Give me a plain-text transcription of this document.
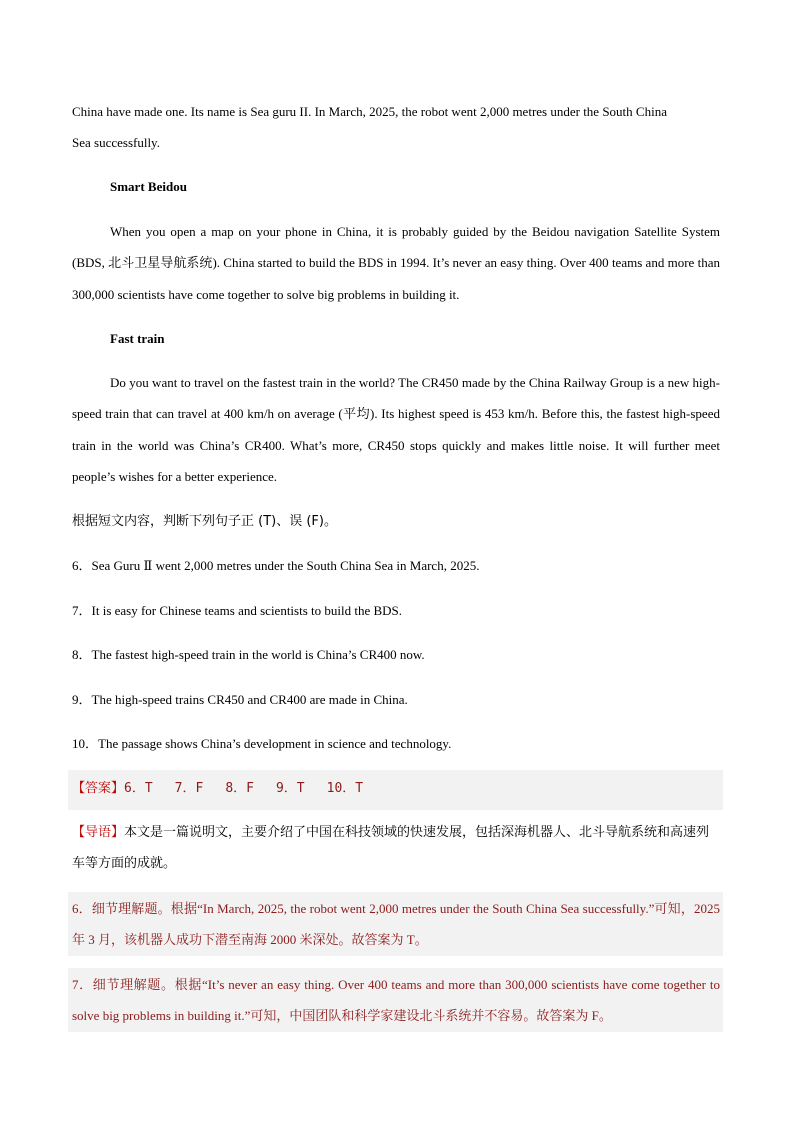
China have made one. Its name is Sea guru II. In March, 2025, the robot went 2,000 metres under the South China
Sea successfully.

Smart Beidou

When you open a map on your phone in China, it is probably guided by the Beidou navigation Satellite System (BDS, 北斗卫星导航系统). China started to build the BDS in 1994. It’s never an easy thing. Over 400 teams and more than 300,000 scientists have come together to solve big problems in building it.

Fast train

Do you want to travel on the fastest train in the world? The CR450 made by the China Railway Group is a new high-speed train that can travel at 400 km/h on average (平均). Its highest speed is 453 km/h. Before this, the fastest high-speed train in the world was China’s CR400. What’s more, CR450 stops quickly and makes little noise. It will further meet people’s wishes for a better experience.

根据短文内容，判断下列句子正 (T)、误 (F)。

6．Sea Guru Ⅱ went 2,000 metres under the South China Sea in March, 2025.

7．It is easy for Chinese teams and scientists to build the BDS.

8．The fastest high-speed train in the world is China’s CR400 now.

9．The high-speed trains CR450 and CR400 are made in China.

10．The passage shows China’s development in science and technology.

【答案】6．T 7．F 8．F 9．T 10．T

【导语】本文是一篇说明文，主要介绍了中国在科技领域的快速发展，包括深海机器人、北斗导航系统和高速列车等方面的成就。

6．细节理解题。根据“In March, 2025, the robot went 2,000 metres under the South China Sea successfully.”可知，2025 年 3 月，该机器人成功下潜至南海 2000 米深处。故答案为 T。

7．细节理解题。根据“It’s never an easy thing. Over 400 teams and more than 300,000 scientists have come together to solve big problems in building it.”可知，中国团队和科学家建设北斗系统并不容易。故答案为 F。
